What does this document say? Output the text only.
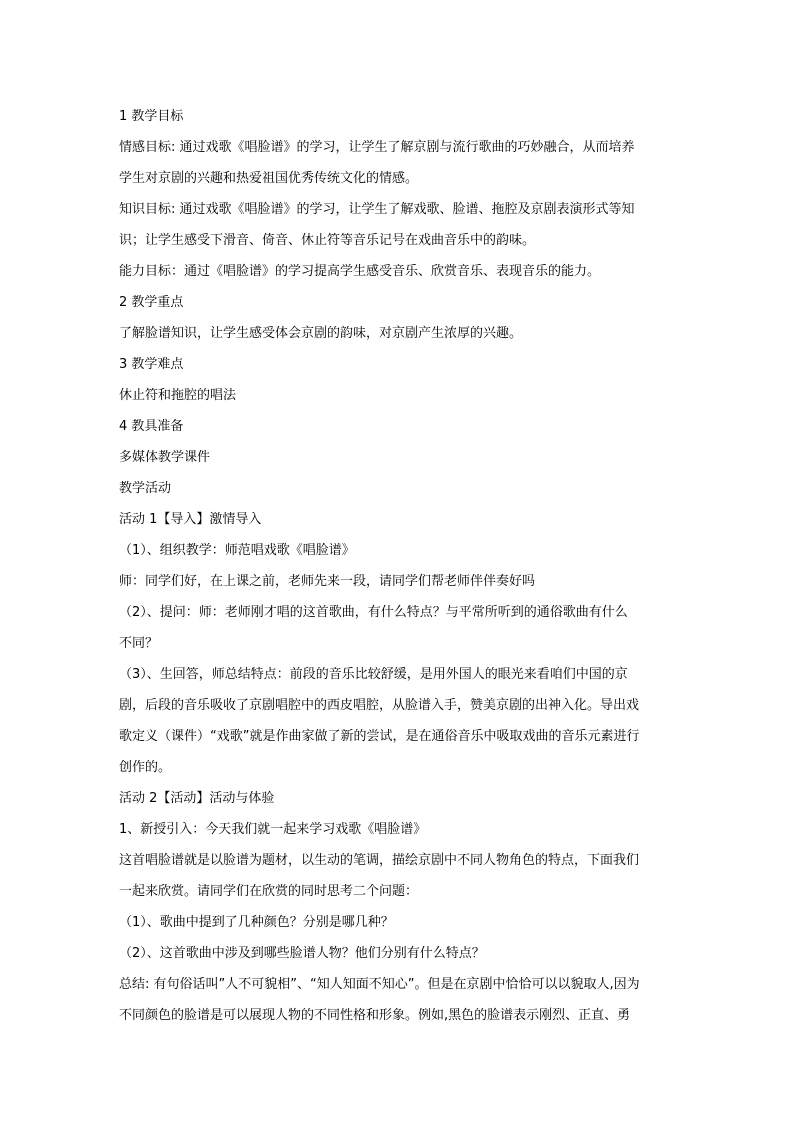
1 教学目标
情感目标: 通过戏歌《唱脸谱》的学习，让学生了解京剧与流行歌曲的巧妙融合，从而培养
学生对京剧的兴趣和热爱祖国优秀传统文化的情感。
知识目标: 通过戏歌《唱脸谱》的学习，让学生了解戏歌、脸谱、拖腔及京剧表演形式等知
识；让学生感受下滑音、倚音、休止符等音乐记号在戏曲音乐中的韵味。
能力目标：通过《唱脸谱》的学习提高学生感受音乐、欣赏音乐、表现音乐的能力。
2 教学重点
了解脸谱知识，让学生感受体会京剧的韵味，对京剧产生浓厚的兴趣。
3 教学难点
休止符和拖腔的唱法
4 教具准备
多媒体教学课件
教学活动
活动 1【导入】激情导入
（1）、组织教学：师范唱戏歌《唱脸谱》
师：同学们好，在上课之前，老师先来一段，请同学们帮老师伴伴奏好吗
（2）、提问：师：老师刚才唱的这首歌曲，有什么特点？与平常所听到的通俗歌曲有什么
不同？
（3）、生回答，师总结特点：前段的音乐比较舒缓，是用外国人的眼光来看咱们中国的京
剧，后段的音乐吸收了京剧唱腔中的西皮唱腔，从脸谱入手，赞美京剧的出神入化。导出戏
歌定义（课件）“戏歌”就是作曲家做了新的尝试，是在通俗音乐中吸取戏曲的音乐元素进行
创作的。
活动 2【活动】活动与体验
1、新授引入：今天我们就一起来学习戏歌《唱脸谱》
这首唱脸谱就是以脸谱为题材，以生动的笔调，描绘京剧中不同人物角色的特点，下面我们
一起来欣赏。请同学们在欣赏的同时思考二个问题：
（1）、歌曲中提到了几种颜色？分别是哪几种？
（2）、这首歌曲中涉及到哪些脸谱人物？他们分别有什么特点？
总结: 有句俗话叫”人不可貌相”、“知人知面不知心”。但是在京剧中恰恰可以以貌取人,因为
不同颜色的脸谱是可以展现人物的不同性格和形象。例如,黑色的脸谱表示刚烈、正直、勇
